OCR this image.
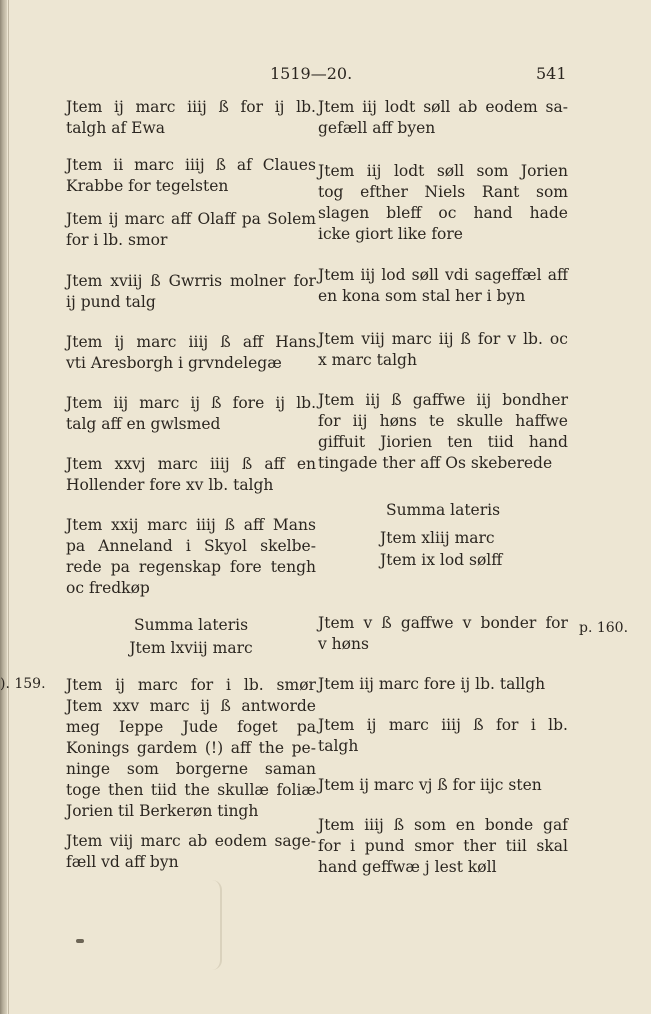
1519—20.	541
Jtem ij marc iiij ß for ij lb.
talgh af Ewa
Jtem ii marc iiij ß af Claues
Krabbe for tegelsten
Jtem ij marc aff Olaff pa Solem
for i lb. smor
Jtem xviij ß Gwrris molner for
ij pund talg
Jtem ij marc iiij ß aff Hans
vti Aresborgh i grvndelegæ
Jtem iij marc ij ß fore ij lb.
talg aff en gwlsmed
Jtem xxvj marc iiij ß aff en
Hollender fore xv lb. talgh
Jtem xxij marc iiij ß aff Mans
pa Anneland i Skyol skelbe-
rede pa regenskap fore tengh
oc fredkøp
Jtem ij marc for i lb. smør
Jtem xxv marc ij ß antworde
meg Ieppe Jude foget pa
Konings gardem (!) aff the pe-
ninge som borgerne saman
toge then tiid the skullæ foliæ
Jorien til Berkerøn tingh
Jtem viij marc ab eodem sage-
fæll vd aff byn
Summa lateris
Jtem lxviij marc
). 159.
Jtem iij lodt søll ab eodem sa-
gefæll aff byen
Jtem iij lodt søll som Jorien
tog efther Niels Rant som
slagen bleff oc hand hade
icke giort like fore
Jtem iij lod søll vdi sageffæl aff
en kona som stal her i byn
Jtem viij marc iij ß for v lb. oc
x marc talgh
Jtem iij ß gaffwe iij bondher
for iij høns te skulle haffwe
giffuit Jiorien ten tiid hand
tingade ther aff Os skeberede
Jtem v ß gaffwe v bonder for
v høns
Jtem iij marc fore ij lb. tallgh
Jtem ij marc iiij ß for i lb.
talgh
Jtem ij marc vj ß for iijc sten
Jtem iiij ß som en bonde gaf
for i pund smor ther tiil skal
hand geffwæ j lest køll
Summa lateris
Jtem xliij marc
Jtem ix lod sølff
p. 160.
